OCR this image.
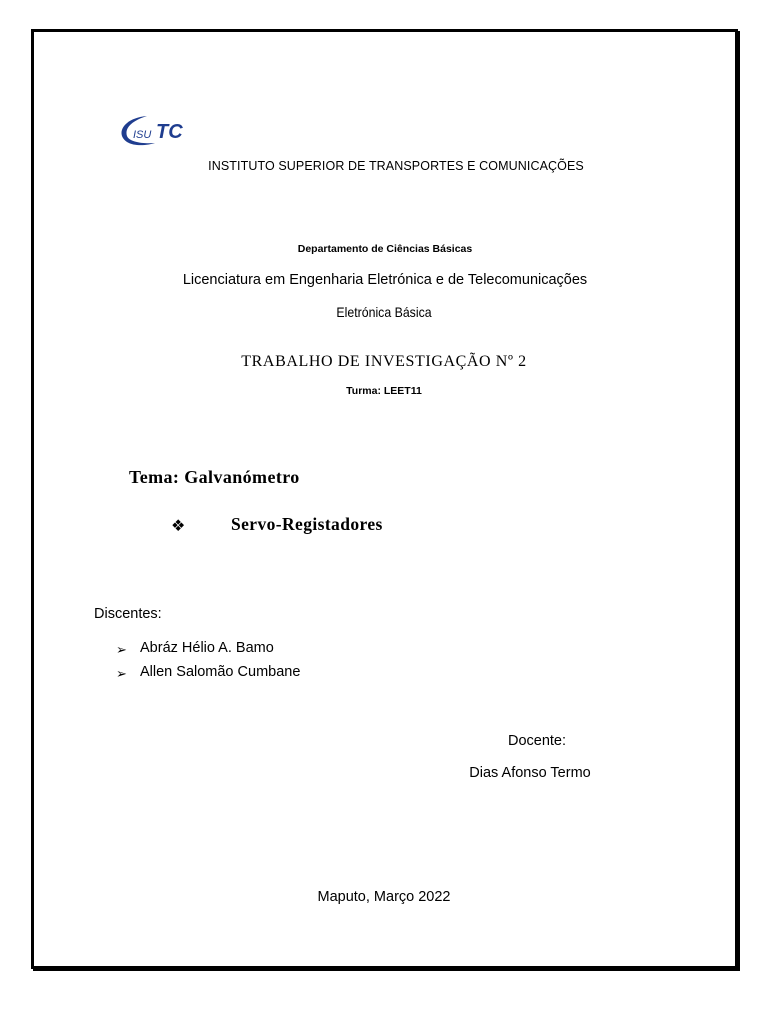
ISU TC
INSTITUTO SUPERIOR DE TRANSPORTES E COMUNICAÇÕES
Departamento de Ciências Básicas
Licenciatura em Engenharia Eletrónica e de Telecomunicações
Eletrónica Básica
TRABALHO DE INVESTIGAÇÃO Nº 2
Turma: LEET11
Tema: Galvanómetro
❖	Servo-Registadores
Discentes:
➢ Abráz Hélio A. Bamo
➢ Allen Salomão Cumbane
Docente:
Dias Afonso Termo
Maputo, Março 2022
